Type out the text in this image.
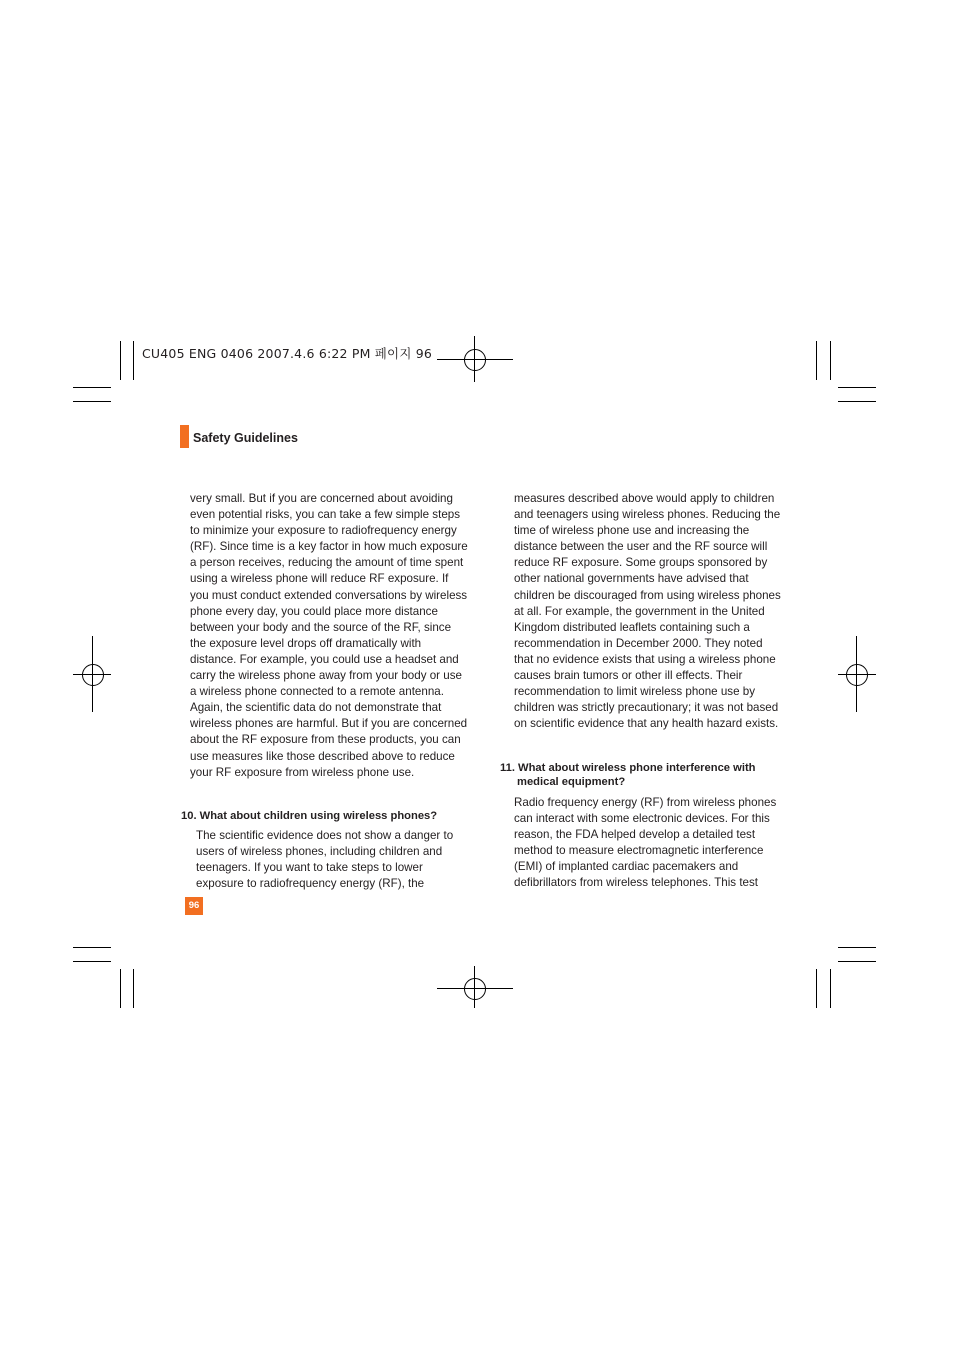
CU405 ENG 0406 2007.4.6 6:22 PM 페이지 96
Safety Guidelines

very small. But if you are concerned about avoiding even potential risks, you can take a few simple steps to minimize your exposure to radiofrequency energy (RF). Since time is a key factor in how much exposure a person receives, reducing the amount of time spent using a wireless phone will reduce RF exposure. If you must conduct extended conversations by wireless phone every day, you could place more distance between your body and the source of the RF, since the exposure level drops off dramatically with distance. For example, you could use a headset and carry the wireless phone away from your body or use a wireless phone connected to a remote antenna. Again, the scientific data do not demonstrate that wireless phones are harmful. But if you are concerned about the RF exposure from these products, you can use measures like those described above to reduce your RF exposure from wireless phone use.

10. What about children using wireless phones?

The scientific evidence does not show a danger to users of wireless phones, including children and teenagers. If you want to take steps to lower exposure to radiofrequency energy (RF), the

measures described above would apply to children and teenagers using wireless phones. Reducing the time of wireless phone use and increasing the distance between the user and the RF source will reduce RF exposure. Some groups sponsored by other national governments have advised that children be discouraged from using wireless phones at all. For example, the government in the United Kingdom distributed leaflets containing such a recommendation in December 2000. They noted that no evidence exists that using a wireless phone causes brain tumors or other ill effects. Their recommendation to limit wireless phone use by children was strictly precautionary; it was not based on scientific evidence that any health hazard exists.

11. What about wireless phone interference with
medical equipment?

Radio frequency energy (RF) from wireless phones can interact with some electronic devices. For this reason, the FDA helped develop a detailed test method to measure electromagnetic interference (EMI) of implanted cardiac pacemakers and defibrillators from wireless telephones. This test

96
